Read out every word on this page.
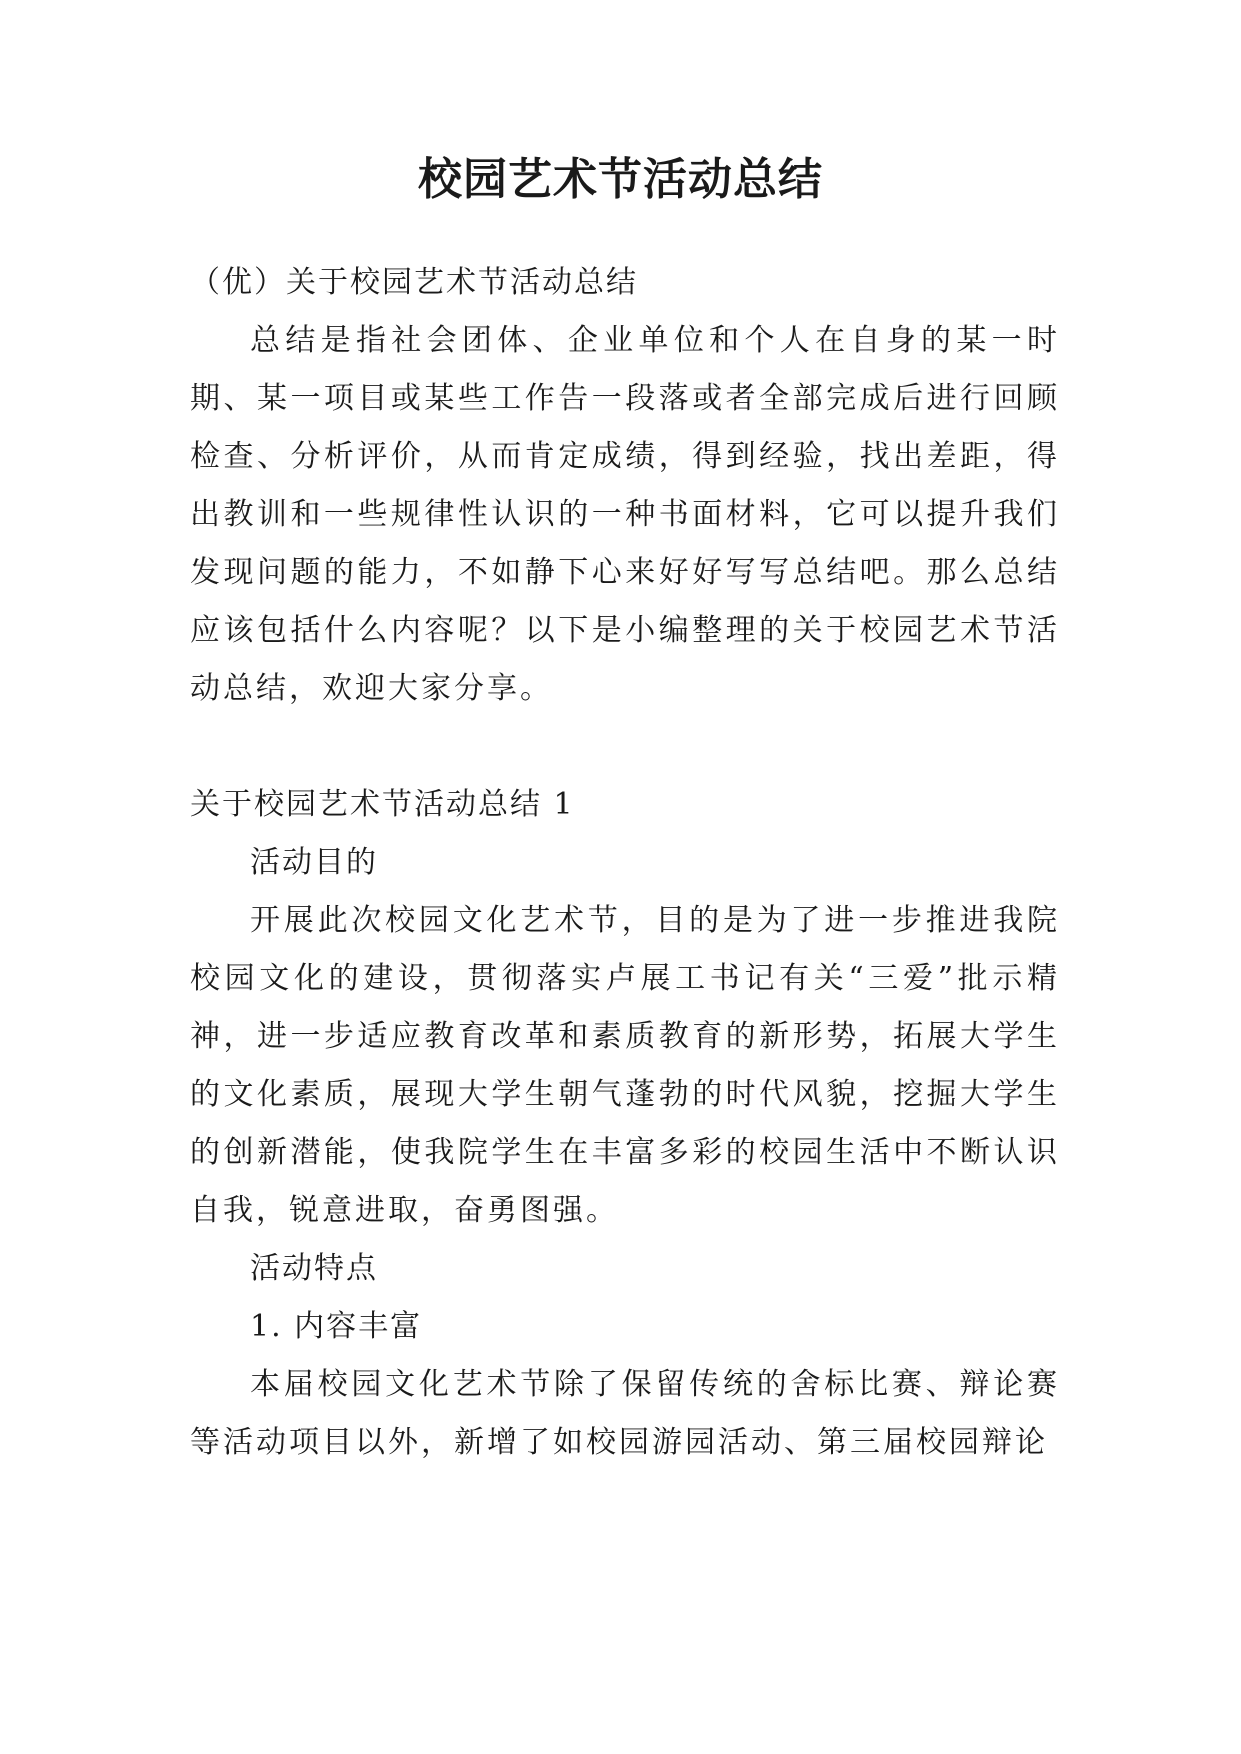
校园艺术节活动总结

（优）关于校园艺术节活动总结

总结是指社会团体、企业单位和个人在自身的某一时期、某一项目或某些工作告一段落或者全部完成后进行回顾检查、分析评价，从而肯定成绩，得到经验，找出差距，得出教训和一些规律性认识的一种书面材料，它可以提升我们发现问题的能力，不如静下心来好好写写总结吧。那么总结应该包括什么内容呢？以下是小编整理的关于校园艺术节活动总结，欢迎大家分享。

关于校园艺术节活动总结 1

活动目的

开展此次校园文化艺术节，目的是为了进一步推进我院校园文化的建设，贯彻落实卢展工书记有关“三爱”批示精神，进一步适应教育改革和素质教育的新形势，拓展大学生的文化素质，展现大学生朝气蓬勃的时代风貌，挖掘大学生的创新潜能，使我院学生在丰富多彩的校园生活中不断认识自我，锐意进取，奋勇图强。

活动特点

1. 内容丰富

本届校园文化艺术节除了保留传统的舍标比赛、辩论赛等活动项目以外，新增了如校园游园活动、第三届校园辩论
